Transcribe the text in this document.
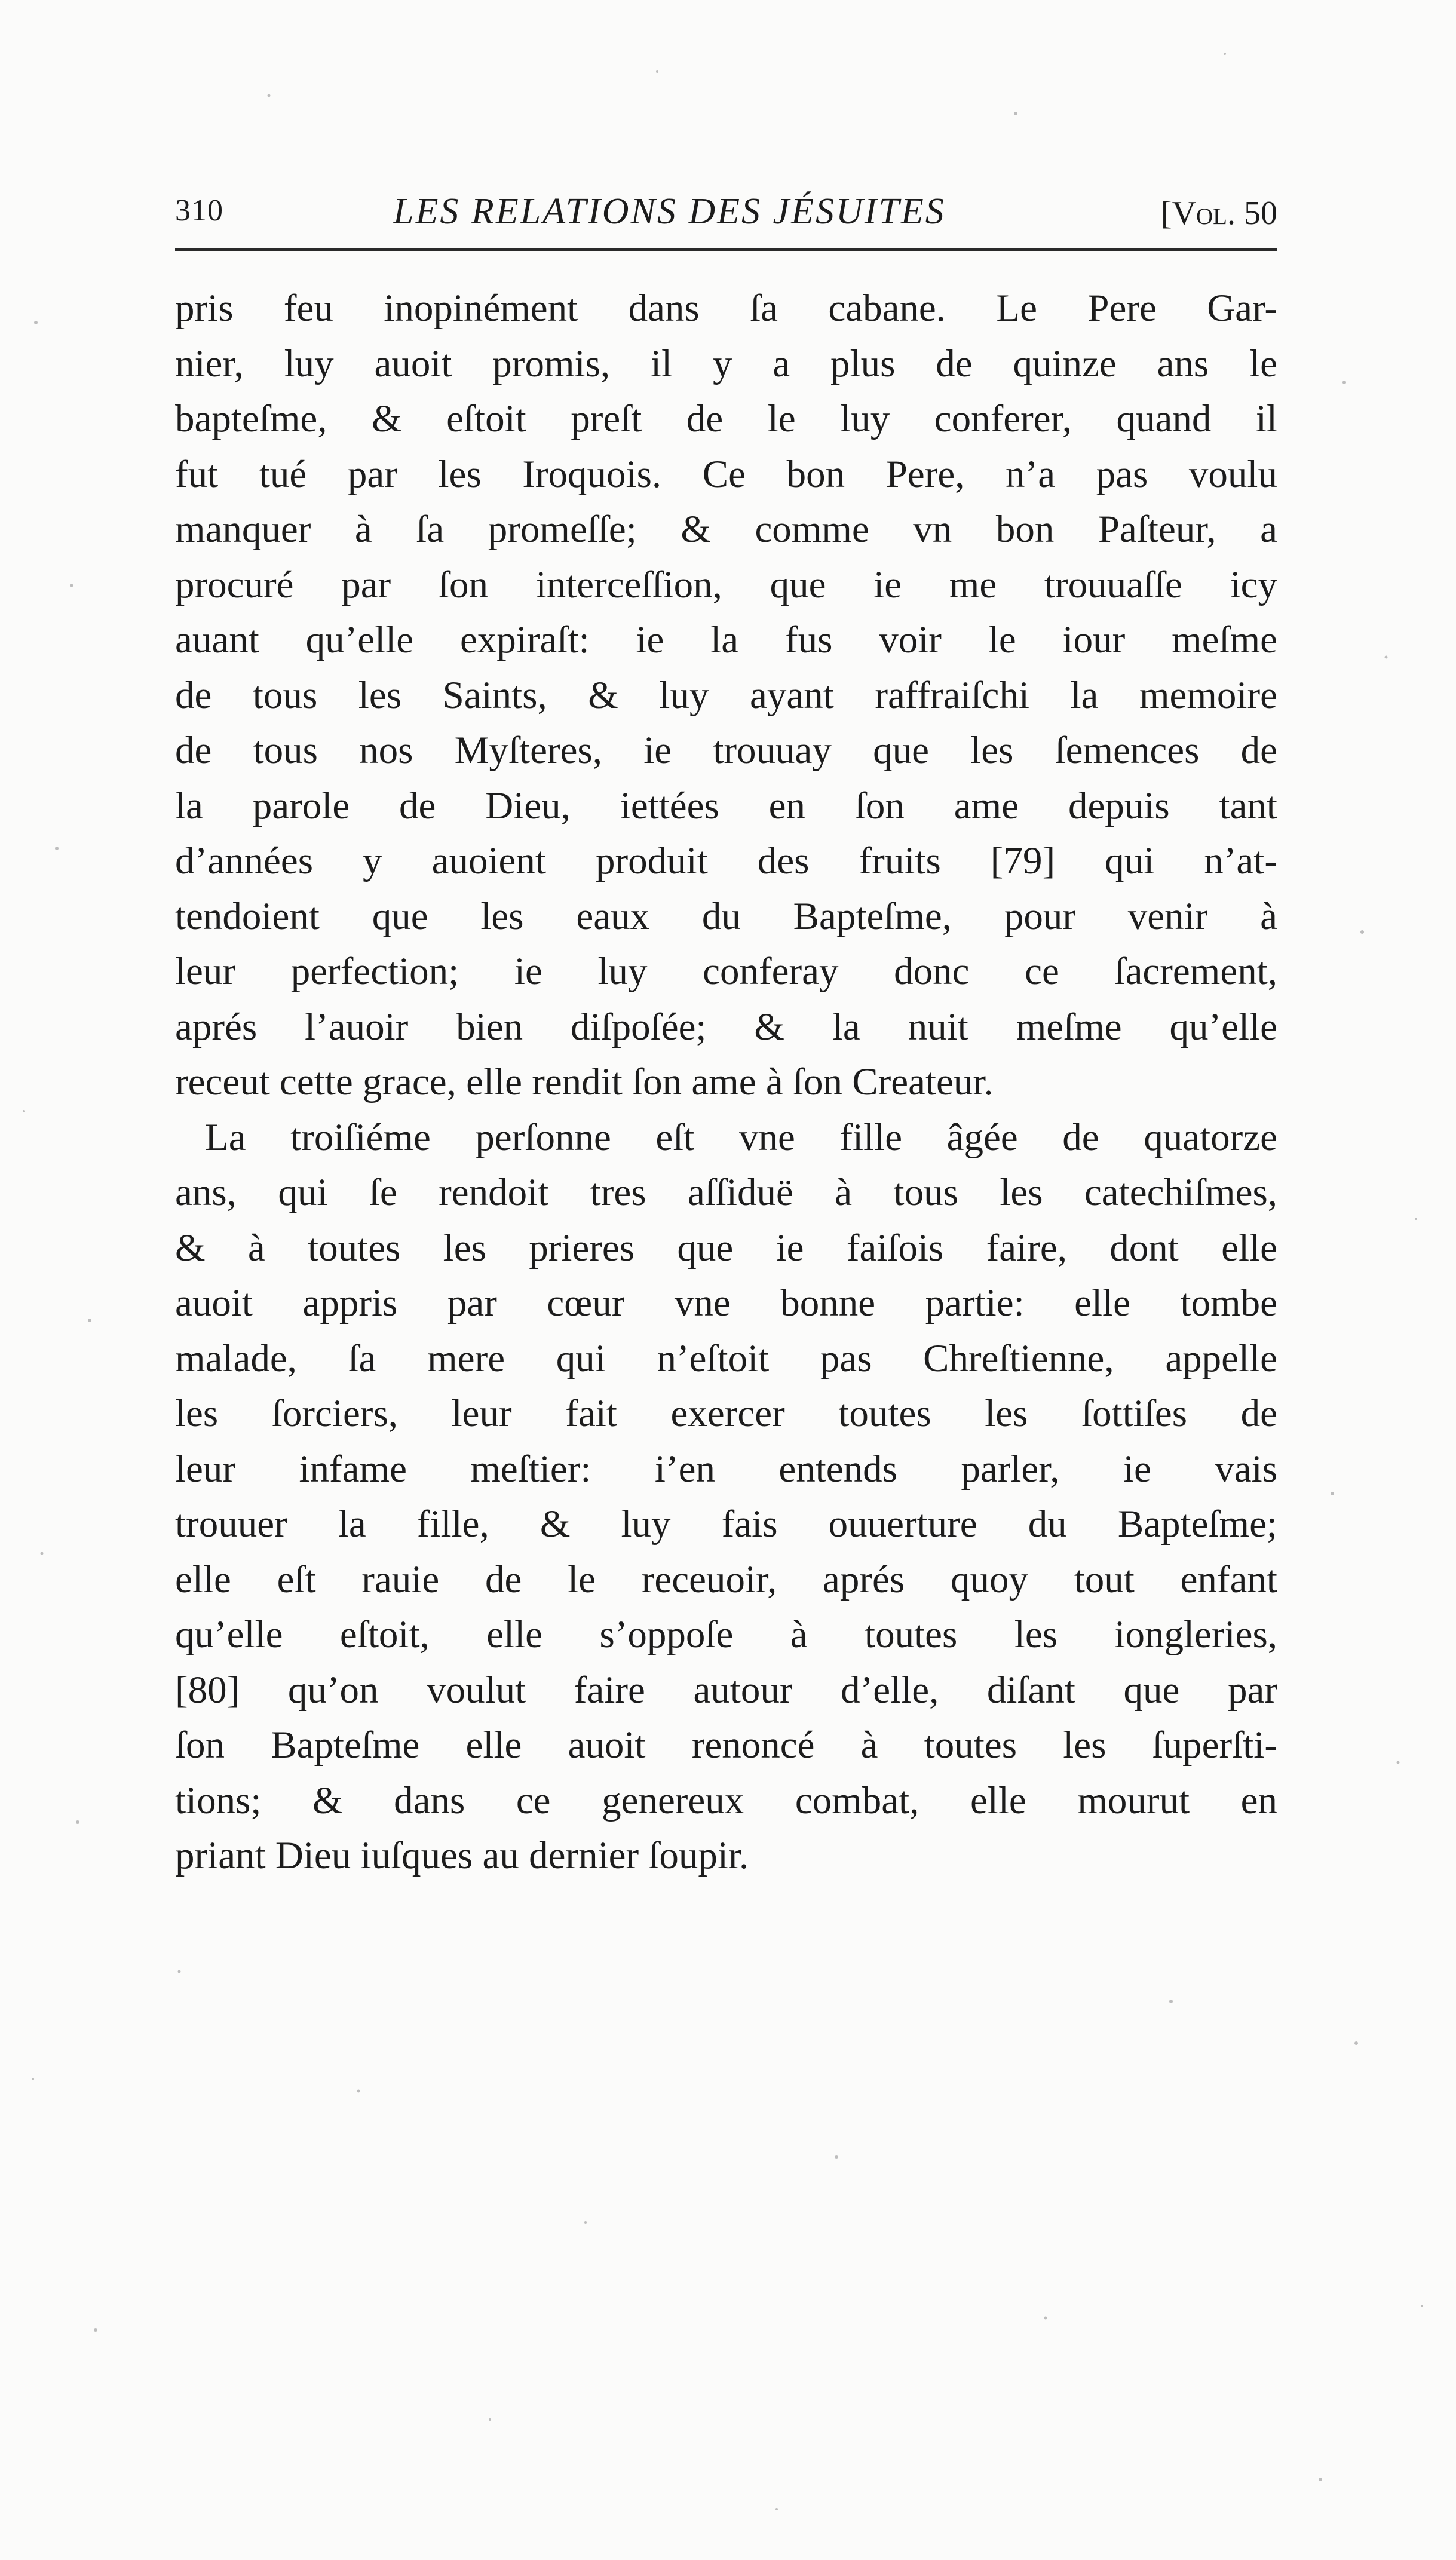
310	LES RELATIONS DES JÉSUITES	[Vol. 50
pris feu inopinément dans ſa cabane. Le Pere Gar-
nier, luy auoit promis, il y a plus de quinze ans le
bapteſme, & eſtoit preſt de le luy conferer, quand il
fut tué par les Iroquois. Ce bon Pere, n’a pas voulu
manquer à ſa promeſſe; & comme vn bon Paſteur, a
procuré par ſon interceſſion, que ie me trouuaſſe icy
auant qu’elle expiraſt: ie la fus voir le iour meſme
de tous les Saints, & luy ayant raffraiſchi la memoire
de tous nos Myſteres, ie trouuay que les ſemences de
la parole de Dieu, iettées en ſon ame depuis tant
d’années y auoient produit des fruits [79] qui n’at-
tendoient que les eaux du Bapteſme, pour venir à
leur perfection; ie luy conferay donc ce ſacrement,
aprés l’auoir bien diſpoſée; & la nuit meſme qu’elle
receut cette grace, elle rendit ſon ame à ſon Createur.
La troiſiéme perſonne eſt vne fille âgée de quatorze
ans, qui ſe rendoit tres aſſiduë à tous les catechiſmes,
& à toutes les prieres que ie faiſois faire, dont elle
auoit appris par cœur vne bonne partie: elle tombe
malade, ſa mere qui n’eſtoit pas Chreſtienne, appelle
les ſorciers, leur fait exercer toutes les ſottiſes de
leur infame meſtier: i’en entends parler, ie vais
trouuer la fille, & luy fais ouuerture du Bapteſme;
elle eſt rauie de le receuoir, aprés quoy tout enfant
qu’elle eſtoit, elle s’oppoſe à toutes les iongleries,
[80] qu’on voulut faire autour d’elle, diſant que par
ſon Bapteſme elle auoit renoncé à toutes les ſuperſti-
tions; & dans ce genereux combat, elle mourut en
priant Dieu iuſques au dernier ſoupir.
